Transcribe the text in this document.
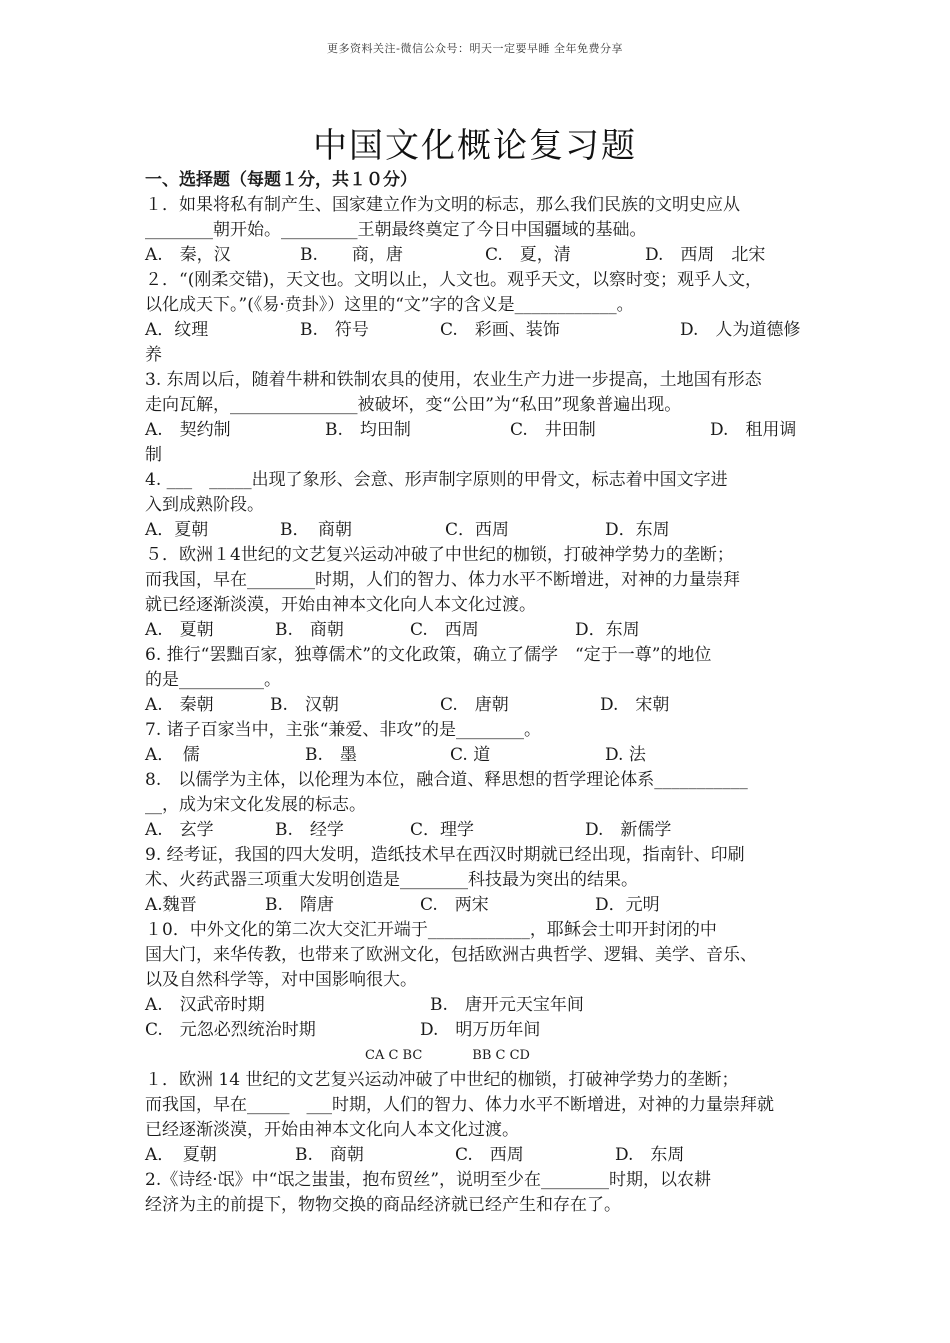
更多资料关注-微信公众号：明天一定要早睡 全年免费分享
中国文化概论复习题
一、选择题（每题１分，共１０分）
１．如果将私有制产生、国家建立作为文明的标志，那么我们民族的文明史应从
________朝开始。_________王朝最终奠定了今日中国疆域的基础。
A.　秦，汉	B.　　商，唐	C.　夏，清	D.　西周　北宋
２．“(刚柔交错)，天文也。文明以止，人文也。观乎天文，以察时变；观乎人文，
以化成天下。”(《易·贲卦》）这里的“文”字的含义是____________。
A．纹理	B.　符号	C.　彩画、装饰	D.　人为道德修
养
3. 东周以后，随着牛耕和铁制农具的使用，农业生产力进一步提高，土地国有形态
走向瓦解，_______________被破坏，变“公田”为“私田”现象普遍出现。
A.　契约制	B.　均田制	C.　井田制	D.　租用调
制
4. ___　_____出现了象形、会意、形声制字原则的甲骨文，标志着中国文字进
入到成熟阶段。
A．夏朝	B．　商朝	C．西周	D．东周
５．欧洲１4世纪的文艺复兴运动冲破了中世纪的枷锁，打破神学势力的垄断；
而我国，早在________时期，人们的智力、体力水平不断增进，对神的力量崇拜
就已经逐渐淡漠，开始由神本文化向人本文化过渡。
A.　夏朝	B.　商朝	C.　西周	D．东周
6. 推行“罢黜百家，独尊儒术”的文化政策，确立了儒学　“定于一尊”的地位
的是__________。
A.　秦朝	B.　汉朝	C.　唐朝	D.　宋朝
7. 诸子百家当中，主张“兼爱、非攻”的是________。
A．　儒	B.　墨	C. 道	D. 法
8.　以儒学为主体，以伦理为本位，融合道、释思想的哲学理论体系___________
__，成为宋文化发展的标志。
A.　玄学	B.　经学	C．理学	D.　新儒学
9. 经考证，我国的四大发明，造纸技术早在西汉时期就已经出现，指南针、印刷
术、火药武器三项重大发明创造是________科技最为突出的结果。
A.魏晋	B.　隋唐	C.　两宋	D．元明
１0．中外文化的第二次大交汇开端于____________，耶稣会士叩开封闭的中
国大门，来华传教，也带来了欧洲文化，包括欧洲古典哲学、逻辑、美学、音乐、
以及自然科学等，对中国影响很大。
A.　汉武帝时期	B.　唐开元天宝年间
C.　元忽必烈统治时期	D.　明万历年间
CA C BC	BB C CD
１．欧洲 14 世纪的文艺复兴运动冲破了中世纪的枷锁，打破神学势力的垄断；
而我国，早在_____　___时期，人们的智力、体力水平不断增进，对神的力量崇拜就
已经逐渐淡漠，开始由神本文化向人本文化过渡。
A．　夏朝	B.　商朝	C.　西周	D.　东周
2.《诗经·氓》中“氓之蚩蚩，抱布贸丝”，说明至少在________时期，以农耕
经济为主的前提下，物物交换的商品经济就已经产生和存在了。
